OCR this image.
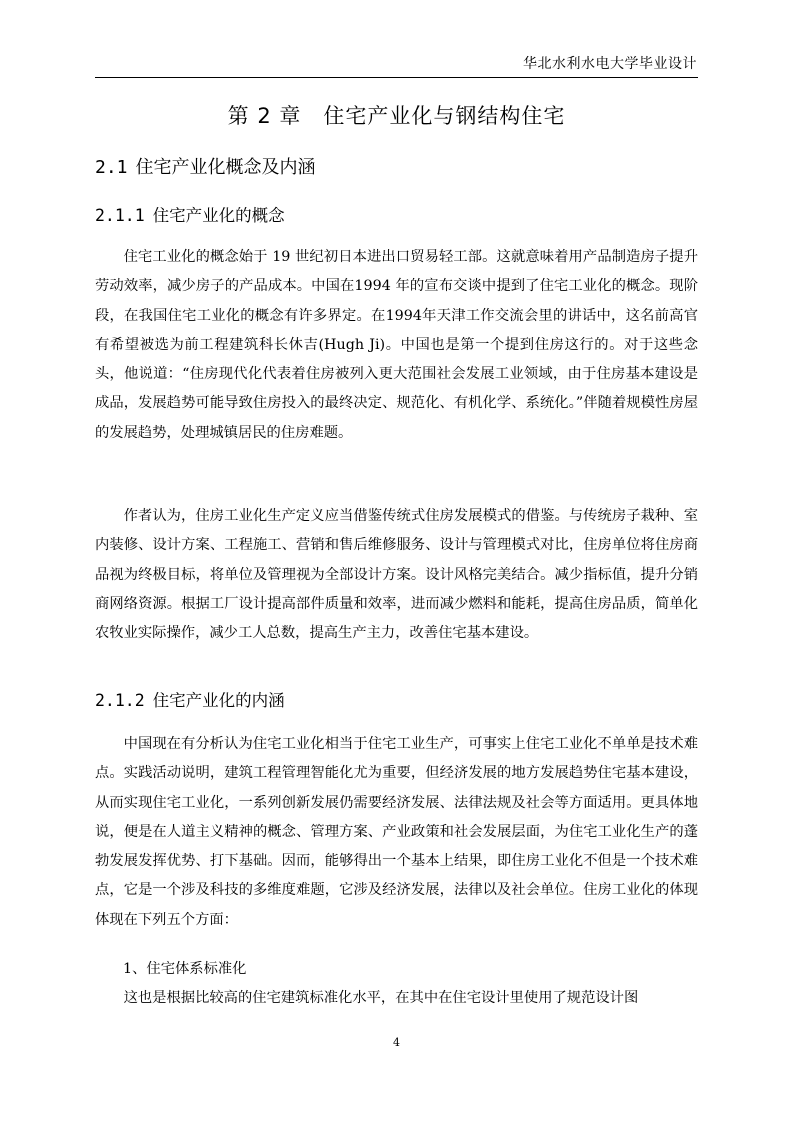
华北水利水电大学毕业设计
第 2 章　住宅产业化与钢结构住宅
2.1 住宅产业化概念及内涵
2.1.1 住宅产业化的概念

住宅工业化的概念始于 19 世纪初日本进出口贸易轻工部。这就意味着用产品制造房子提升劳动效率，减少房子的产品成本。中国在1994 年的宣布交谈中提到了住宅工业化的概念。现阶段，在我国住宅工业化的概念有许多界定。在1994年天津工作交流会里的讲话中，这名前高官有希望被选为前工程建筑科长休吉(Hugh Ji)。中国也是第一个提到住房这行的。对于这些念头，他说道：“住房现代化代表着住房被列入更大范围社会发展工业领域，由于住房基本建设是成品，发展趋势可能导致住房投入的最终决定、规范化、有机化学、系统化。”伴随着规模性房屋的发展趋势，处理城镇居民的住房难题。

作者认为，住房工业化生产定义应当借鉴传统式住房发展模式的借鉴。与传统房子栽种、室内装修、设计方案、工程施工、营销和售后维修服务、设计与管理模式对比，住房单位将住房商品视为终极目标，将单位及管理视为全部设计方案。设计风格完美结合。减少指标值，提升分销商网络资源。根据工厂设计提高部件质量和效率，进而减少燃料和能耗，提高住房品质，简单化农牧业实际操作，减少工人总数，提高生产主力，改善住宅基本建设。

2.1.2 住宅产业化的内涵

中国现在有分析认为住宅工业化相当于住宅工业生产，可事实上住宅工业化不单单是技术难点。实践活动说明，建筑工程管理智能化尤为重要，但经济发展的地方发展趋势住宅基本建设，从而实现住宅工业化，一系列创新发展仍需要经济发展、法律法规及社会等方面适用。更具体地说，便是在人道主义精神的概念、管理方案、产业政策和社会发展层面，为住宅工业化生产的蓬勃发展发挥优势、打下基础。因而，能够得出一个基本上结果，即住房工业化不但是一个技术难点，它是一个涉及科技的多维度难题，它涉及经济发展，法律以及社会单位。住房工业化的体现体现在下列五个方面：

1、住宅体系标准化

这也是根据比较高的住宅建筑标准化水平，在其中在住宅设计里使用了规范设计图

4
